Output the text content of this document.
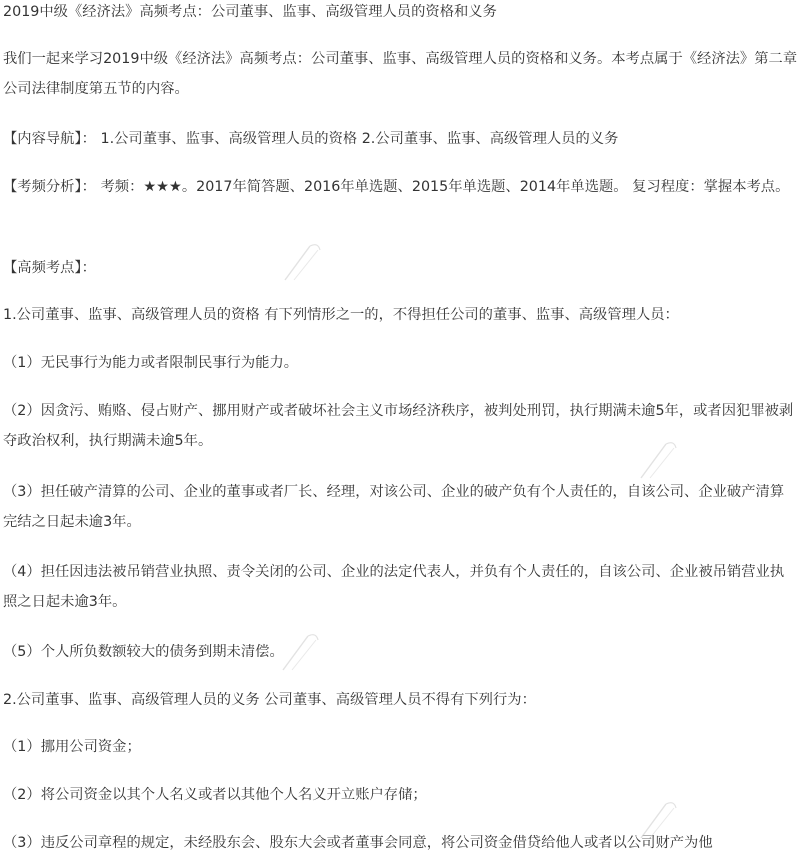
2019中级《经济法》高频考点：公司董事、监事、高级管理人员的资格和义务
我们一起来学习2019中级《经济法》高频考点：公司董事、监事、高级管理人员的资格和义务。本考点属于《经济法》第二章公司法律制度第五节的内容。
【内容导航】： 1.公司董事、监事、高级管理人员的资格 2.公司董事、监事、高级管理人员的义务
【考频分析】： 考频：★★★。2017年简答题、2016年单选题、2015年单选题、2014年单选题。 复习程度：掌握本考点。
【高频考点】：
1.公司董事、监事、高级管理人员的资格 有下列情形之一的，不得担任公司的董事、监事、高级管理人员：
（1）无民事行为能力或者限制民事行为能力。
（2）因贪污、贿赂、侵占财产、挪用财产或者破坏社会主义市场经济秩序，被判处刑罚，执行期满未逾5年，或者因犯罪被剥夺政治权利，执行期满未逾5年。
（3）担任破产清算的公司、企业的董事或者厂长、经理，对该公司、企业的破产负有个人责任的，自该公司、企业破产清算完结之日起未逾3年。
（4）担任因违法被吊销营业执照、责令关闭的公司、企业的法定代表人，并负有个人责任的，自该公司、企业被吊销营业执照之日起未逾3年。
（5）个人所负数额较大的债务到期未清偿。
2.公司董事、监事、高级管理人员的义务 公司董事、高级管理人员不得有下列行为：
（1）挪用公司资金；
（2）将公司资金以其个人名义或者以其他个人名义开立账户存储；
（3）违反公司章程的规定，未经股东会、股东大会或者董事会同意，将公司资金借贷给他人或者以公司财产为他
